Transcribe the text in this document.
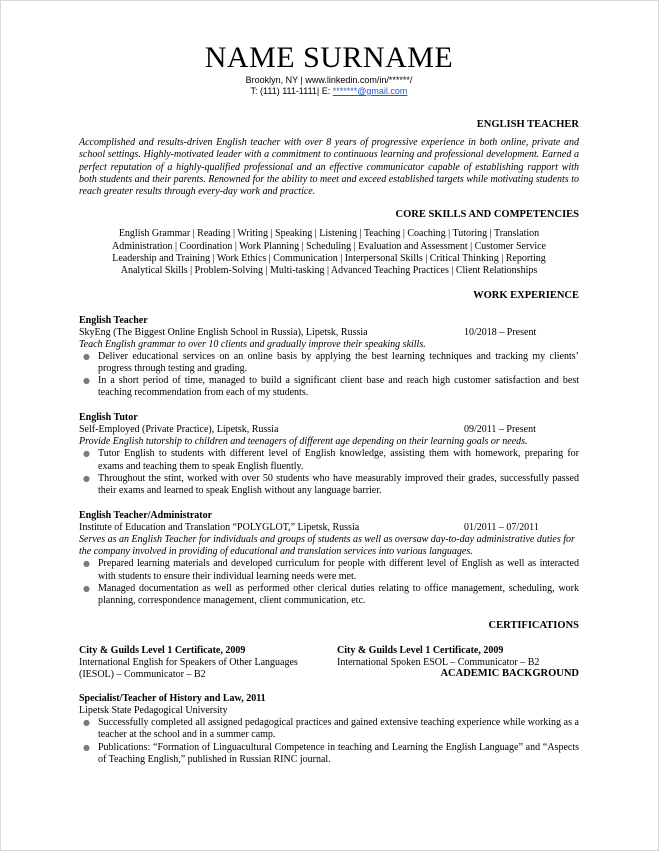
NAME SURNAME
Brooklyn, NY | www.linkedin.com/in/******/
T: (111) 111-1111| E: *******@gmail.com
ENGLISH TEACHER

Accomplished and results-driven English teacher with over 8 years of progressive experience in both online, private and school settings. Highly-motivated leader with a commitment to continuous learning and professional development. Earned a perfect reputation of a highly-qualified professional and an effective communicator capable of establishing rapport with both students and their parents. Renowned for the ability to meet and exceed established targets while motivating students to reach greater results through every-day work and practice.

CORE SKILLS AND COMPETENCIES
English Grammar | Reading | Writing | Speaking | Listening | Teaching | Coaching | Tutoring | Translation
Administration | Coordination | Work Planning | Scheduling | Evaluation and Assessment | Customer Service
Leadership and Training | Work Ethics | Communication | Interpersonal Skills | Critical Thinking | Reporting
Analytical Skills | Problem-Solving | Multi-tasking | Advanced Teaching Practices | Client Relationships
WORK EXPERIENCE
English Teacher
SkyEng (The Biggest Online English School in Russia), Lipetsk, Russia	10/2018 – Present
Teach English grammar to over 10 clients and gradually improve their speaking skills.
● Deliver educational services on an online basis by applying the best learning techniques and tracking my clients’ progress through testing and grading.
● In a short period of time, managed to build a significant client base and reach high customer satisfaction and best teaching recommendation from each of my students.
English Tutor
Self-Employed (Private Practice), Lipetsk, Russia	09/2011 – Present
Provide English tutorship to children and teenagers of different age depending on their learning goals or needs.
● Tutor English to students with different level of English knowledge, assisting them with homework, preparing for exams and teaching them to speak English fluently.
● Throughout the stint, worked with over 50 students who have measurably improved their grades, successfully passed their exams and learned to speak English without any language barrier.
English Teacher/Administrator
Institute of Education and Translation “POLYGLOT,” Lipetsk, Russia	01/2011 – 07/2011
Serves as an English Teacher for individuals and groups of students as well as oversaw day-to-day administrative duties for the company involved in providing of educational and translation services into various languages.
● Prepared learning materials and developed curriculum for people with different level of English as well as interacted with students to ensure their individual learning needs were met.
● Managed documentation as well as performed other clerical duties relating to office management, scheduling, work planning, correspondence management, client communication, etc.
CERTIFICATIONS
City & Guilds Level 1 Certificate, 2009
International English for Speakers of Other Languages
(IESOL) – Communicator – B2
City & Guilds Level 1 Certificate, 2009
International Spoken ESOL – Communicator – B2
ACADEMIC BACKGROUND
Specialist/Teacher of History and Law, 2011
Lipetsk State Pedagogical University
● Successfully completed all assigned pedagogical practices and gained extensive teaching experience while working as a teacher at the school and in a summer camp.
● Publications: “Formation of Linguacultural Competence in teaching and Learning the English Language” and “Aspects of Teaching English,” published in Russian RINC journal.
